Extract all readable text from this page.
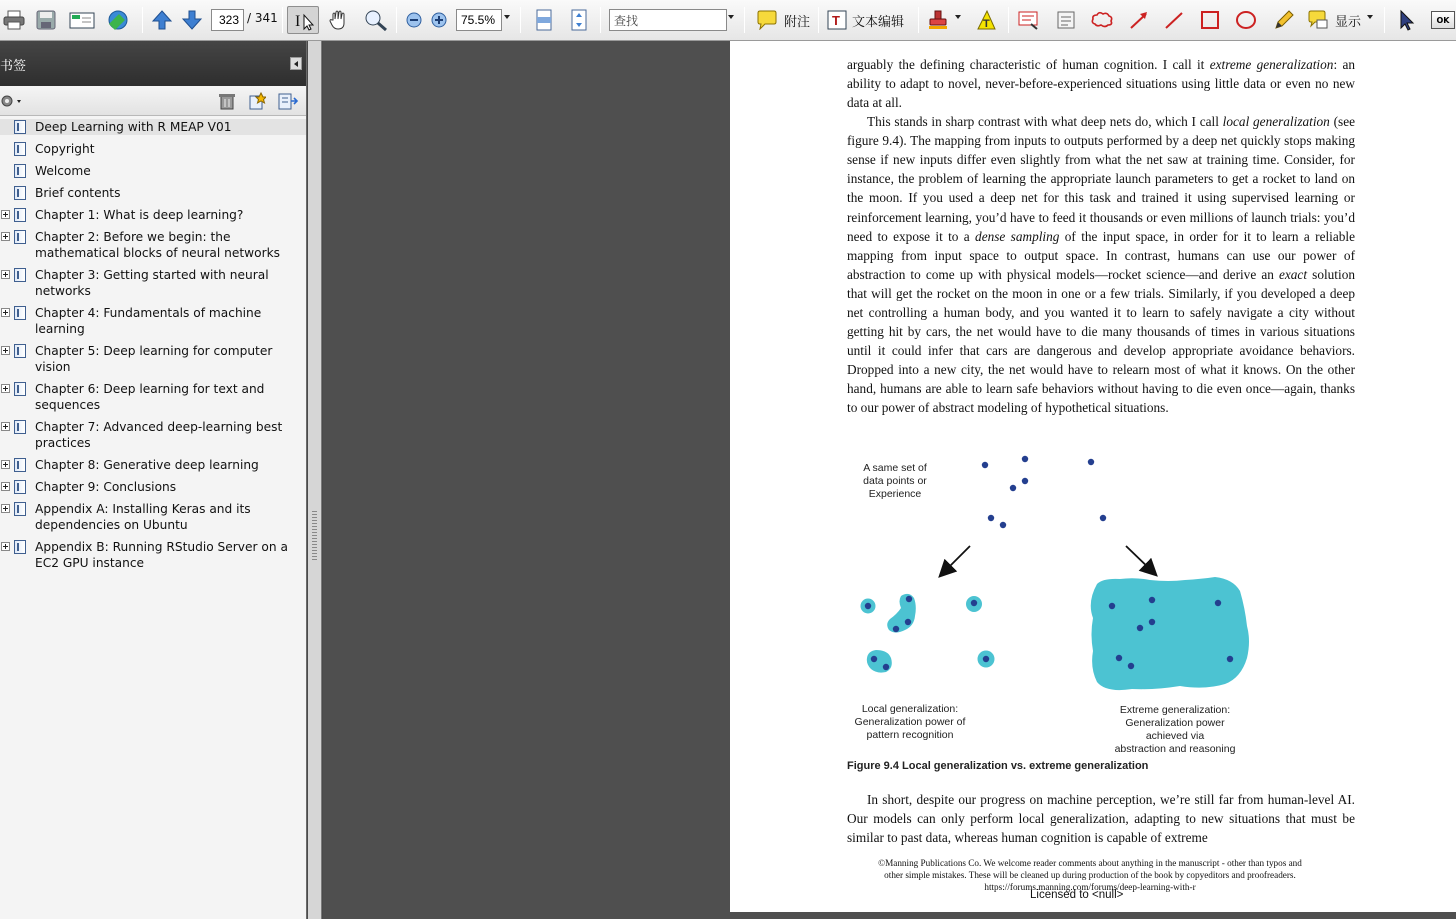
323 / 341 I	75.5%	查找	附注 T 文本编辑	T	显示	OK
书签
Deep Learning with R MEAP V01
Copyright
Welcome
Brief contents
Chapter 1: What is deep learning?
Chapter 2: Before we begin: the mathematical blocks of neural networks
Chapter 3: Getting started with neural networks
Chapter 4: Fundamentals of machine learning
Chapter 5: Deep learning for computer vision
Chapter 6: Deep learning for text and sequences
Chapter 7: Advanced deep-learning best practices
Chapter 8: Generative deep learning
Chapter 9: Conclusions
Appendix A: Installing Keras and its dependencies on Ubuntu
Appendix B: Running RStudio Server on a EC2 GPU instance

arguably the defining characteristic of human cognition. I call it extreme generalization: an ability to adapt to novel, never-before-experienced situations using little data or even no new data at all.

This stands in sharp contrast with what deep nets do, which I call local generalization (see figure 9.4). The mapping from inputs to outputs performed by a deep net quickly stops making sense if new inputs differ even slightly from what the net saw at training time. Consider, for instance, the problem of learning the appropriate launch parameters to get a rocket to land on the moon. If you used a deep net for this task and trained it using supervised learning or reinforcement learning, you’d have to feed it thousands or even millions of launch trials: you’d need to expose it to a dense sampling of the input space, in order for it to learn a reliable mapping from input space to output space. In contrast, humans can use our power of abstraction to come up with physical models—rocket science—and derive an exact solution that will get the rocket on the moon in one or a few trials. Similarly, if you developed a deep net controlling a human body, and you wanted it to learn to safely navigate a city without getting hit by cars, the net would have to die many thousands of times in various situations until it could infer that cars are dangerous and develop appropriate avoidance behaviors. Dropped into a new city, the net would have to relearn most of what it knows. On the other hand, humans are able to learn safe behaviors without having to die even once—again, thanks to our power of abstract modeling of hypothetical situations.

A same set of
data points or
Experience
Local generalization:
Generalization power of
pattern recognition
Extreme generalization:
Generalization power
achieved via
abstraction and reasoning
Figure 9.4 Local generalization vs. extreme generalization
In short, despite our progress on machine perception, we’re still far from human-level AI. Our models can only perform local generalization, adapting to new situations that must be similar to past data, whereas human cognition is capable of extreme
©Manning Publications Co. We welcome reader comments about anything in the manuscript - other than typos and
other simple mistakes. These will be cleaned up during production of the book by copyeditors and proofreaders.
https://forums.manning.com/forums/deep-learning-with-r
Licensed to <null>
